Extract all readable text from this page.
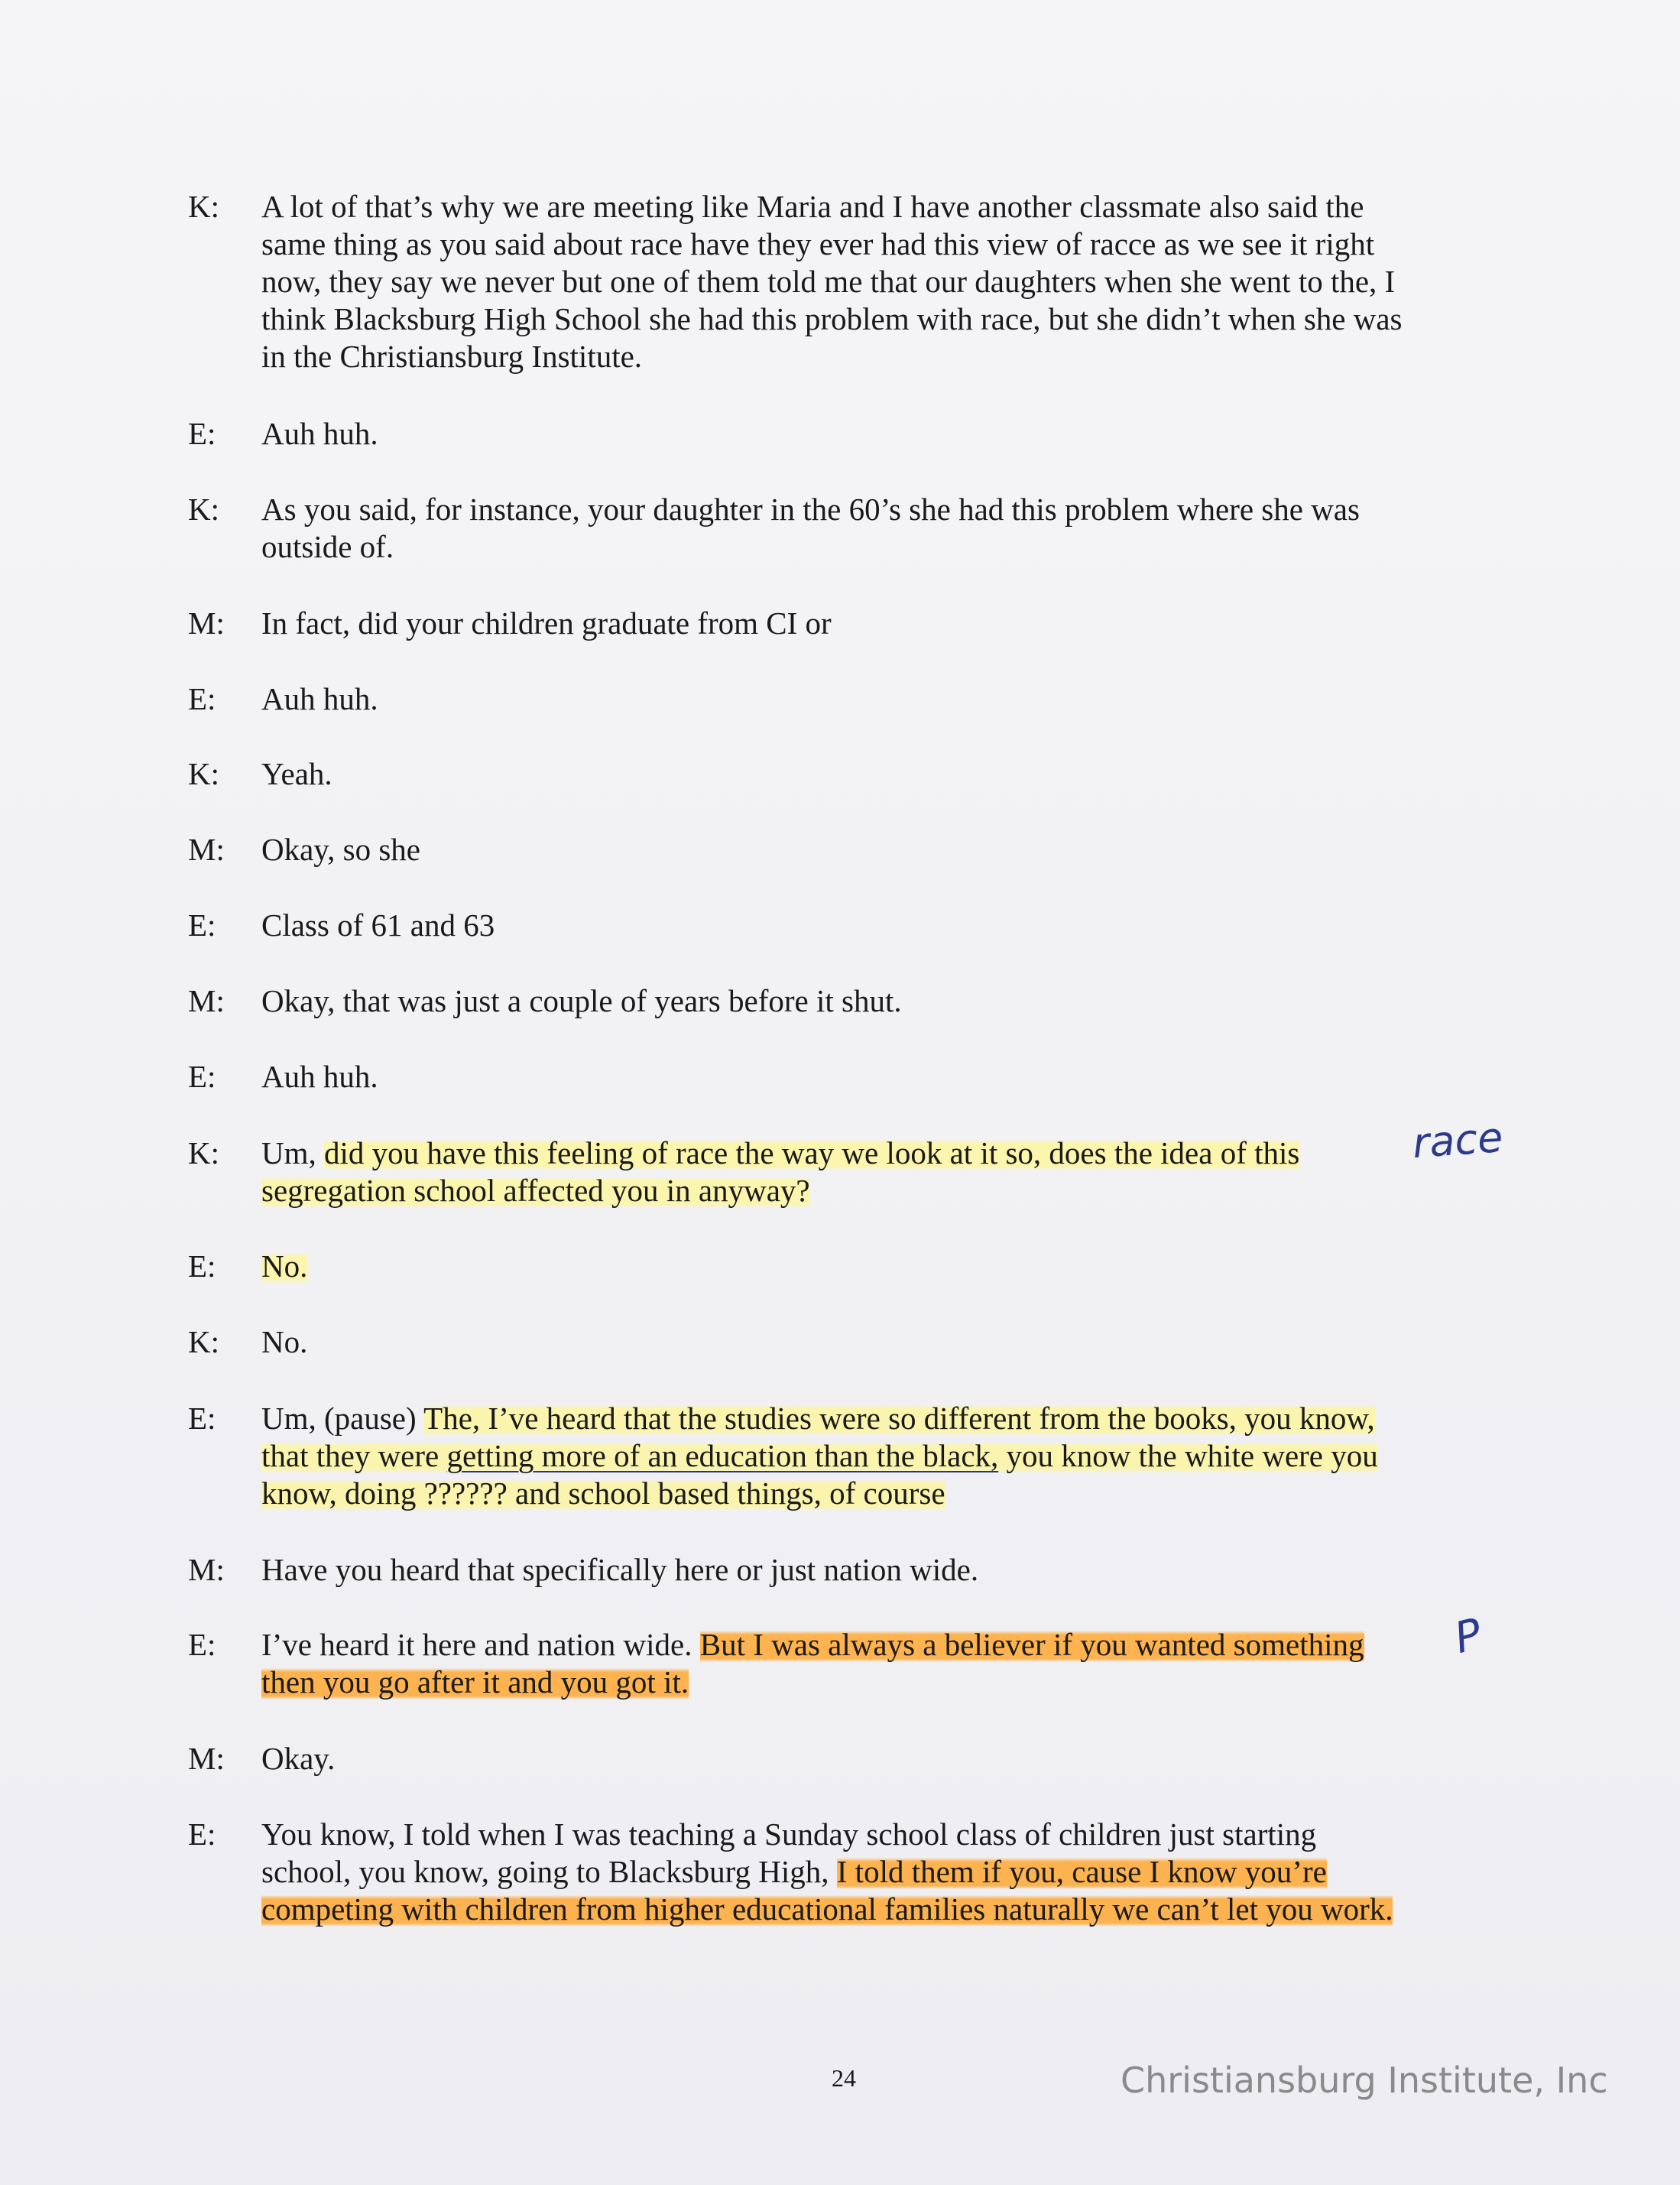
K:	A lot of that’s why we are meeting like Maria and I have another classmate also said the
same thing as you said about race have they ever had this view of racce as we see it right
now, they say we never but one of them told me that our daughters when she went to the, I
think Blacksburg High School she had this problem with race, but she didn’t when she was
in the Christiansburg Institute.
E:	Auh huh.
K:	As you said, for instance, your daughter in the 60’s she had this problem where she was
outside of.
M:	In fact, did your children graduate from CI or
E:	Auh huh.
K:	Yeah.
M:	Okay, so she
E:	Class of 61 and 63
M:	Okay, that was just a couple of years before it shut.
E:	Auh huh.
K:	Um, did you have this feeling of race the way we look at it so, does the idea of this
segregation school affected you in anyway?
E:	No.
K:	No.
E:	Um, (pause) The, I’ve heard that the studies were so different from the books, you know,
that they were getting more of an education than the black, you know the white were you
know, doing ?????? and school based things, of course
M:	Have you heard that specifically here or just nation wide.
E:	I’ve heard it here and nation wide. But I was always a believer if you wanted something
then you go after it and you got it.
M:	Okay.
E:	You know, I told when I was teaching a Sunday school class of children just starting
school, you know, going to Blacksburg High, I told them if you, cause I know you’re
competing with children from higher educational families naturally we can’t let you work.
race
P
24	Christiansburg Institute, Inc
